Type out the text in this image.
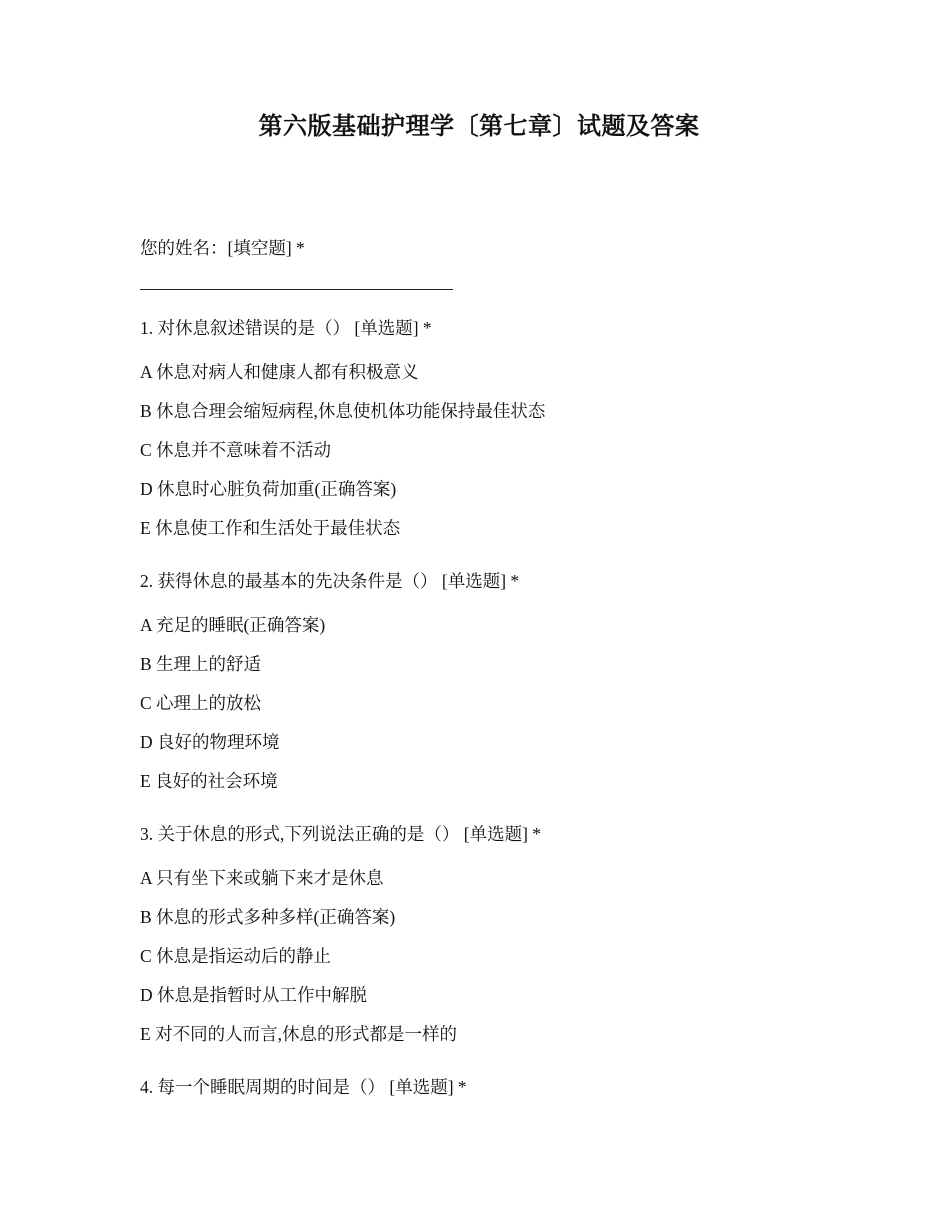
第六版基础护理学〔第七章〕试题及答案
您的姓名：[填空题] *
1. 对休息叙述错误的是（） [单选题] *
A 休息对病人和健康人都有积极意义
B 休息合理会缩短病程,休息使机体功能保持最佳状态
C 休息并不意味着不活动
D 休息时心脏负荷加重(正确答案)
E 休息使工作和生活处于最佳状态
2. 获得休息的最基本的先决条件是（） [单选题] *
A 充足的睡眠(正确答案)
B 生理上的舒适
C 心理上的放松
D 良好的物理环境
E 良好的社会环境
3. 关于休息的形式,下列说法正确的是（） [单选题] *
A 只有坐下来或躺下来才是休息
B 休息的形式多种多样(正确答案)
C 休息是指运动后的静止
D 休息是指暂时从工作中解脱
E 对不同的人而言,休息的形式都是一样的
4. 每一个睡眠周期的时间是（） [单选题] *
